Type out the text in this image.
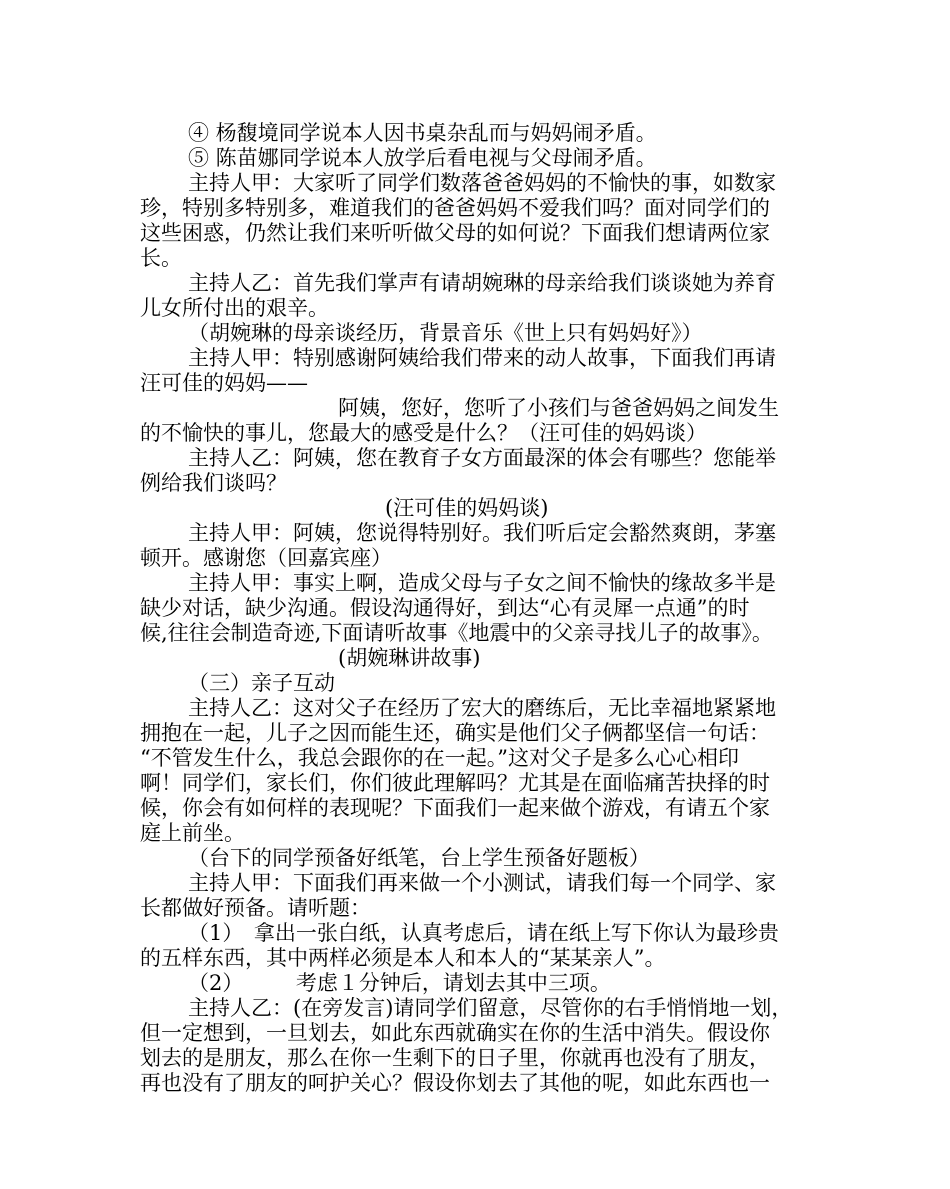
④ 杨馥境同学说本人因书桌杂乱而与妈妈闹矛盾。
⑤ 陈苗娜同学说本人放学后看电视与父母闹矛盾。
主持人甲：大家听了同学们数落爸爸妈妈的不愉快的事，如数家
珍，特别多特别多，难道我们的爸爸妈妈不爱我们吗？面对同学们的
这些困惑，仍然让我们来听听做父母的如何说？下面我们想请两位家
长。
主持人乙：首先我们掌声有请胡婉琳的母亲给我们谈谈她为养育
儿女所付出的艰辛。
（胡婉琳的母亲谈经历，背景音乐《世上只有妈妈好》）
主持人甲：特别感谢阿姨给我们带来的动人故事，下面我们再请
汪可佳的妈妈——
阿姨，您好，您听了小孩们与爸爸妈妈之间发生
的不愉快的事儿，您最大的感受是什么？（汪可佳的妈妈谈）
主持人乙：阿姨，您在教育子女方面最深的体会有哪些？您能举
例给我们谈吗？
(汪可佳的妈妈谈)
主持人甲：阿姨，您说得特别好。我们听后定会豁然爽朗，茅塞
顿开。感谢您（回嘉宾座）
主持人甲：事实上啊，造成父母与子女之间不愉快的缘故多半是
缺少对话，缺少沟通。假设沟通得好，到达“心有灵犀一点通”的时
候,往往会制造奇迹,下面请听故事《地震中的父亲寻找儿子的故事》。
(胡婉琳讲故事)
（三）亲子互动
主持人乙：这对父子在经历了宏大的磨练后，无比幸福地紧紧地
拥抱在一起，儿子之因而能生还，确实是他们父子俩都坚信一句话：
“不管发生什么，我总会跟你的在一起。”这对父子是多么心心相印
啊！同学们，家长们，你们彼此理解吗？尤其是在面临痛苦抉择的时
候，你会有如何样的表现呢？下面我们一起来做个游戏，有请五个家
庭上前坐。
（台下的同学预备好纸笔，台上学生预备好题板）
主持人甲：下面我们再来做一个小测试，请我们每一个同学、家
长都做好预备。请听题：
（1）　拿出一张白纸，认真考虑后，请在纸上写下你认为最珍贵
的五样东西，其中两样必须是本人和本人的“某某亲人”。
（2）　　　考虑１分钟后，请划去其中三项。
主持人乙：(在旁发言)请同学们留意，尽管你的右手悄悄地一划，
但一定想到，一旦划去，如此东西就确实在你的生活中消失。假设你
划去的是朋友，那么在你一生剩下的日子里，你就再也没有了朋友，
再也没有了朋友的呵护关心？假设你划去了其他的呢，如此东西也一
